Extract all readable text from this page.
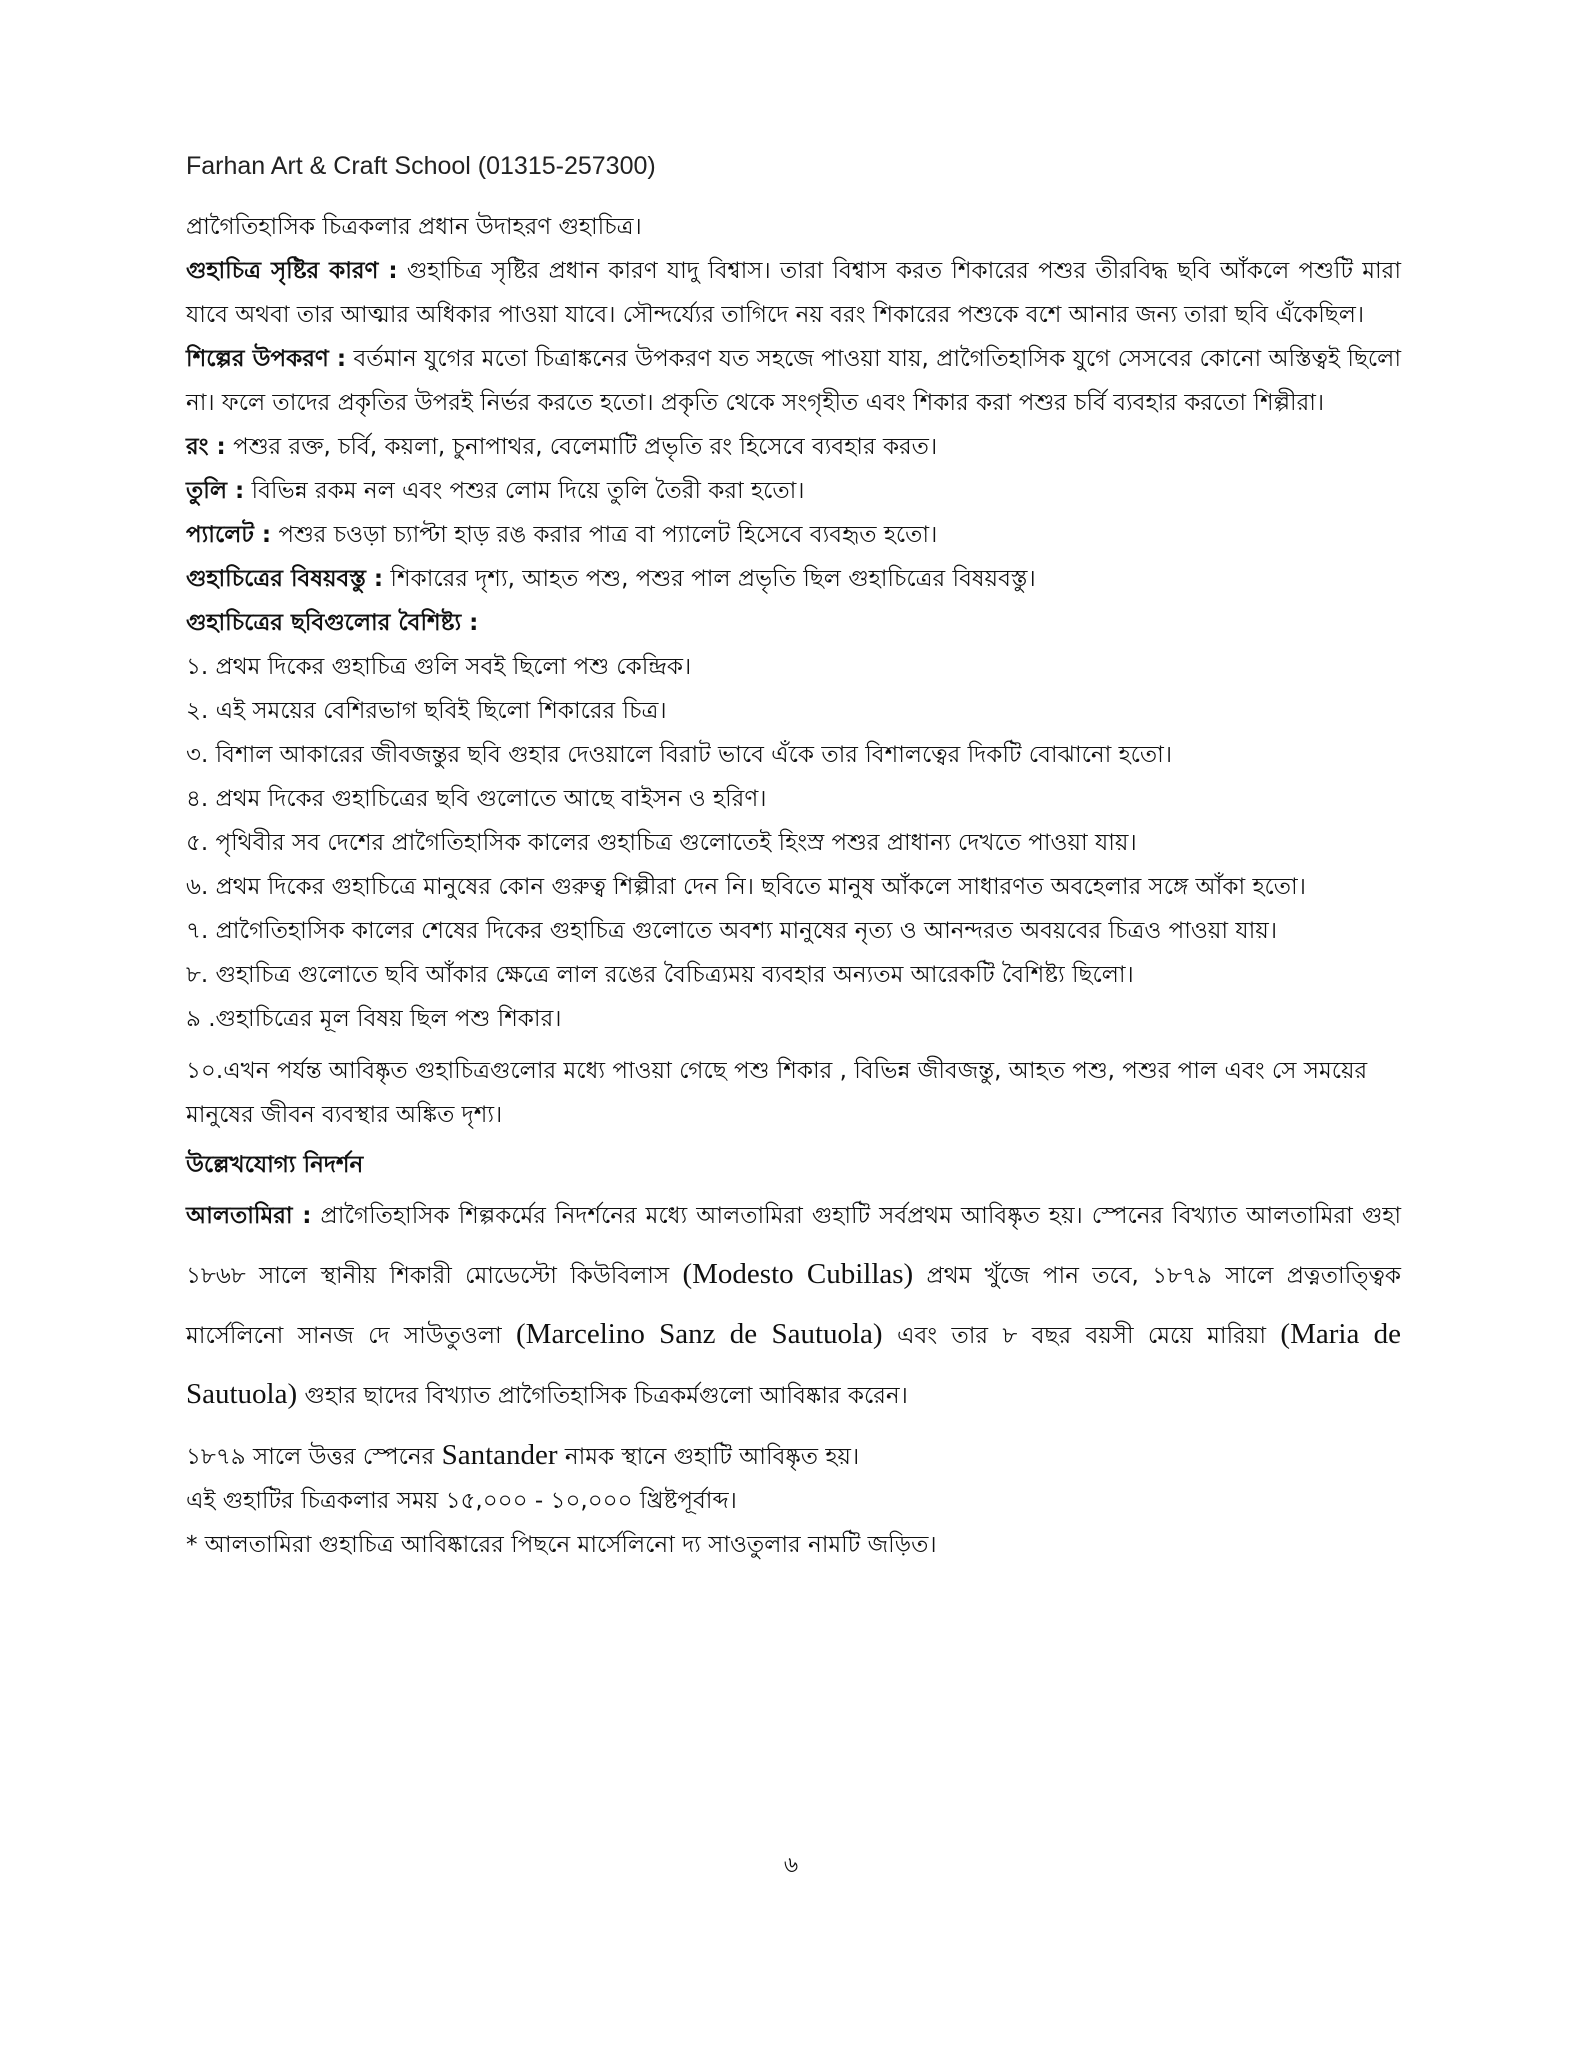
Farhan Art & Craft School (01315-257300)

প্রাগৈতিহাসিক চিত্রকলার প্রধান উদাহরণ গুহাচিত্র।

গুহাচিত্র সৃষ্টির কারণ : গুহাচিত্র সৃষ্টির প্রধান কারণ যাদু বিশ্বাস। তারা বিশ্বাস করত শিকারের পশুর তীরবিদ্ধ ছবি আঁকলে পশুটি মারা যাবে অথবা তার আত্মার অধিকার পাওয়া যাবে। সৌন্দর্য্যের তাগিদে নয় বরং শিকারের পশুকে বশে আনার জন্য তারা ছবি এঁকেছিল।

শিল্পের উপকরণ : বর্তমান যুগের মতো চিত্রাঙ্কনের উপকরণ যত সহজে পাওয়া যায়, প্রাগৈতিহাসিক যুগে সেসবের কোনো অস্তিত্বই ছিলো না। ফলে তাদের প্রকৃতির উপরই নির্ভর করতে হতো। প্রকৃতি থেকে সংগৃহীত এবং শিকার করা পশুর চর্বি ব্যবহার করতো শিল্পীরা।

রং : পশুর রক্ত, চর্বি, কয়লা, চুনাপাথর, বেলেমাটি প্রভৃতি রং হিসেবে ব্যবহার করত।

তুলি : বিভিন্ন রকম নল এবং পশুর লোম দিয়ে তুলি তৈরী করা হতো।

প্যালেট : পশুর চওড়া চ্যাপ্টা হাড় রঙ করার পাত্র বা প্যালেট হিসেবে ব্যবহৃত হতো।

গুহাচিত্রের বিষয়বস্তু : শিকারের দৃশ্য, আহত পশু, পশুর পাল প্রভৃতি ছিল গুহাচিত্রের বিষয়বস্তু।

গুহাচিত্রের ছবিগুলোর বৈশিষ্ট্য :

১. প্রথম দিকের গুহাচিত্র গুলি সবই ছিলো পশু কেন্দ্রিক।

২. এই সময়ের বেশিরভাগ ছবিই ছিলো শিকারের চিত্র।

৩. বিশাল আকারের জীবজন্তুর ছবি গুহার দেওয়ালে বিরাট ভাবে এঁকে তার বিশালত্বের দিকটি বোঝানো হতো।

৪. প্রথম দিকের গুহাচিত্রের ছবি গুলোতে আছে বাইসন ও হরিণ।

৫. পৃথিবীর সব দেশের প্রাগৈতিহাসিক কালের গুহাচিত্র গুলোতেই হিংস্র পশুর প্রাধান্য দেখতে পাওয়া যায়।

৬. প্রথম দিকের গুহাচিত্রে মানুষের কোন গুরুত্ব শিল্পীরা দেন নি। ছবিতে মানুষ আঁকলে সাধারণত অবহেলার সঙ্গে আঁকা হতো।

৭. প্রাগৈতিহাসিক কালের শেষের দিকের গুহাচিত্র গুলোতে অবশ্য মানুষের নৃত্য ও আনন্দরত অবয়বের চিত্রও পাওয়া যায়।

৮. গুহাচিত্র গুলোতে ছবি আঁকার ক্ষেত্রে লাল রঙের বৈচিত্র্যময় ব্যবহার অন্যতম আরেকটি বৈশিষ্ট্য ছিলো।

৯ .গুহাচিত্রের মূল বিষয় ছিল পশু শিকার।

১০.এখন পর্যন্ত আবিষ্কৃত গুহাচিত্রগুলোর মধ্যে পাওয়া গেছে পশু শিকার , বিভিন্ন জীবজন্তু, আহত পশু, পশুর পাল এবং সে সময়ের মানুষের জীবন ব্যবস্থার অঙ্কিত দৃশ্য।

উল্লেখযোগ্য নিদর্শন

আলতামিরা : প্রাগৈতিহাসিক শিল্পকর্মের নিদর্শনের মধ্যে আলতামিরা গুহাটি সর্বপ্রথম আবিষ্কৃত হয়। স্পেনের বিখ্যাত আলতামিরা গুহা ১৮৬৮ সালে স্থানীয় শিকারী মোডেস্টো কিউবিলাস (Modesto Cubillas) প্রথম খুঁজে পান তবে, ১৮৭৯ সালে প্রত্নতাত্ত্বিক মার্সেলিনো সানজ দে সাউতুওলা (Marcelino Sanz de Sautuola) এবং তার ৮ বছর বয়সী মেয়ে মারিয়া (Maria de Sautuola) গুহার ছাদের বিখ্যাত প্রাগৈতিহাসিক চিত্রকর্মগুলো আবিষ্কার করেন।

১৮৭৯ সালে উত্তর স্পেনের Santander নামক স্থানে গুহাটি আবিষ্কৃত হয়।

এই গুহাটির চিত্রকলার সময় ১৫,০০০ - ১০,০০০ খ্রিষ্টপূর্বাব্দ।

* আলতামিরা গুহাচিত্র আবিষ্কারের পিছনে মার্সেলিনো দ্য সাওতুলার নামটি জড়িত।

৬
